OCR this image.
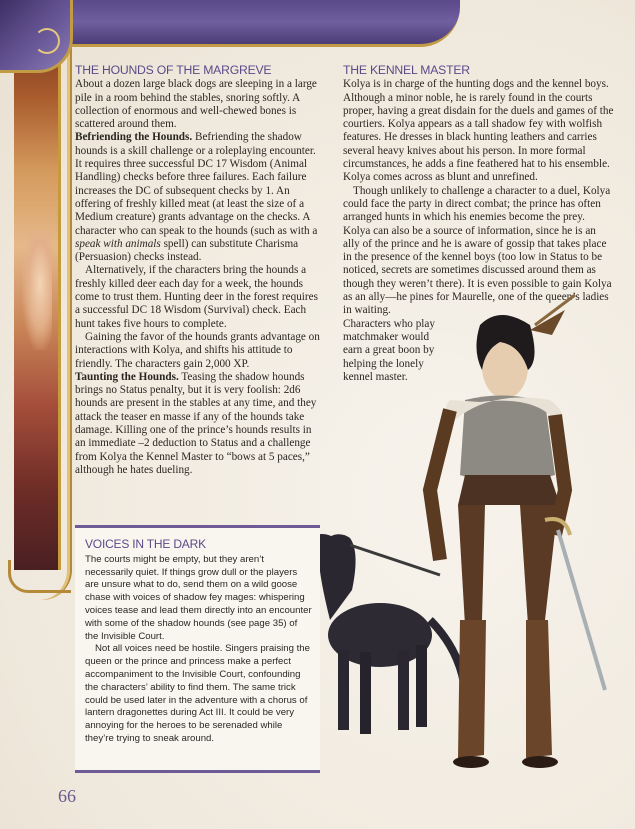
THE HOUNDS OF THE MARGREVE

About a dozen large black dogs are sleeping in a large pile in a room behind the stables, snoring softly. A collection of enormous and well-chewed bones is scattered around them.

Befriending the Hounds. Befriending the shadow hounds is a skill challenge or a roleplaying encounter. It requires three successful DC 17 Wisdom (Animal Handling) checks before three failures. Each failure increases the DC of subsequent checks by 1. An offering of freshly killed meat (at least the size of a Medium creature) grants advantage on the checks. A character who can speak to the hounds (such as with a speak with animals spell) can substitute Charisma (Persuasion) checks instead.

Alternatively, if the characters bring the hounds a freshly killed deer each day for a week, the hounds come to trust them. Hunting deer in the forest requires a successful DC 18 Wisdom (Survival) check. Each hunt takes five hours to complete.

Gaining the favor of the hounds grants advantage on interactions with Kolya, and shifts his attitude to friendly. The characters gain 2,000 XP.

Taunting the Hounds. Teasing the shadow hounds brings no Status penalty, but it is very foolish: 2d6 hounds are present in the stables at any time, and they attack the teaser en masse if any of the hounds take damage. Killing one of the prince’s hounds results in an immediate –2 deduction to Status and a challenge from Kolya the Kennel Master to “bows at 5 paces,” although he hates dueling.

THE KENNEL MASTER

Kolya is in charge of the hunting dogs and the kennel boys. Although a minor noble, he is rarely found in the courts proper, having a great disdain for the duels and games of the courtiers. Kolya appears as a tall shadow fey with wolfish features. He dresses in black hunting leathers and carries several heavy knives about his person. In more formal circumstances, he adds a fine feathered hat to his ensemble. Kolya comes across as blunt and unrefined.

Though unlikely to challenge a character to a duel, Kolya could face the party in direct combat; the prince has often arranged hunts in which his enemies become the prey. Kolya can also be a source of information, since he is an ally of the prince and he is aware of gossip that takes place in the presence of the kennel boys (too low in Status to be noticed, secrets are sometimes discussed around them as though they weren’t there). It is even possible to gain Kolya as an ally—he pines for Maurelle, one of the queen’s ladies in waiting.

Characters who play matchmaker would earn a great boon by helping the lonely kennel master.

VOICES IN THE DARK

The courts might be empty, but they aren’t necessarily quiet. If things grow dull or the players are unsure what to do, send them on a wild goose chase with voices of shadow fey mages: whispering voices tease and lead them directly into an encounter with some of the shadow hounds (see page 35) of the Invisible Court.

Not all voices need be hostile. Singers praising the queen or the prince and princess make a perfect accompaniment to the Invisible Court, confounding the characters’ ability to find them. The same trick could be used later in the adventure with a chorus of lantern dragonettes during Act III. It could be very annoying for the heroes to be serenaded while they’re trying to sneak around.

66
